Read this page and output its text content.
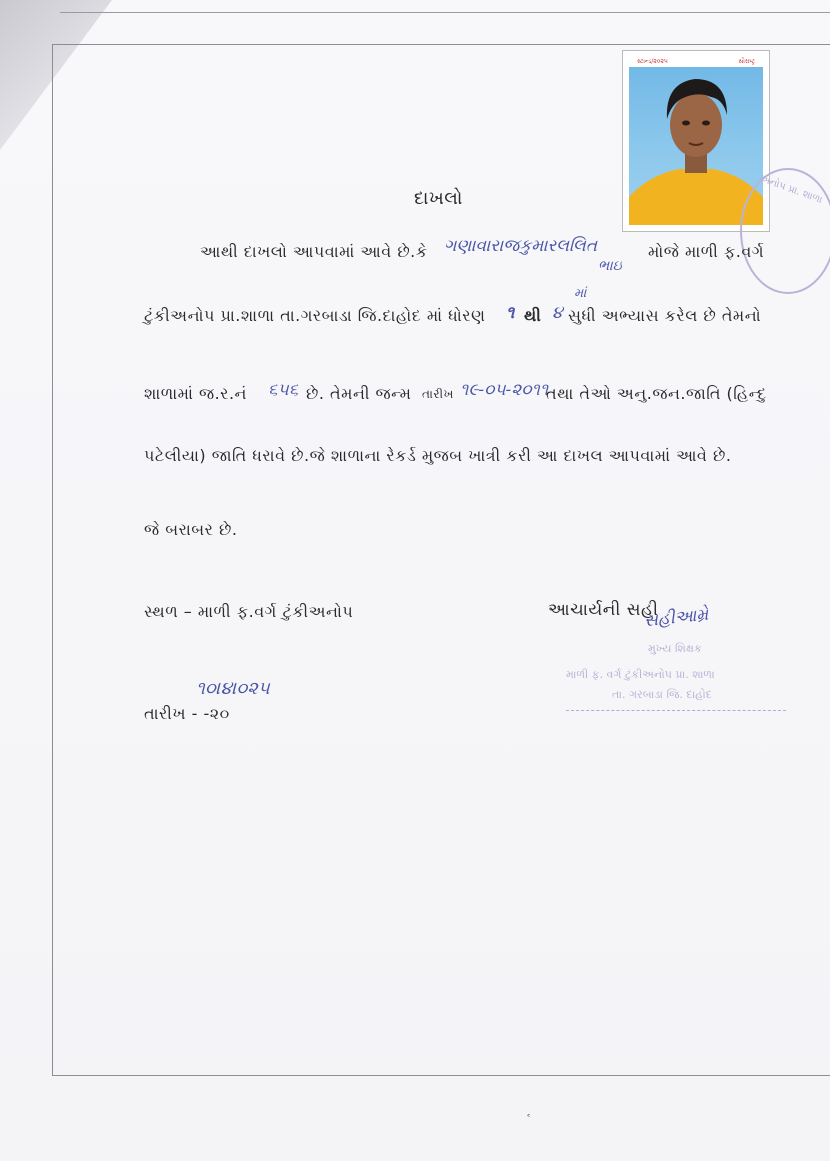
સ્ટાન્ડ/૨૦૨૫	સૌરાષ્ટ્ર
અનોપ પ્રા. શાળા
દાખલો
આથી દાખલો આપવામાં આવે છે.કે ગણાવારાજકુમારલલિત
ભાઇ
મોજે માળી ફ.વર્ગ
ટુંકીઅનોપ પ્રા.શાળા તા.ગરબાડા જિ.દાહોદ માં ધોરણ ૧ થી ૪
માં
સુધી અભ્યાસ કરેલ છે તેમનો
શાળામાં જ.ર.નં ૬૫૬ છે. તેમની જન્મ તારીખ ૧૯-૦૫-૨૦૧૧
તથા તેઓ અનુ.જન.જાતિ (હિન્દુ
પટેલીયા) જાતિ ધરાવે છે.જે શાળાના રેકર્ડ મુજબ ખાત્રી કરી આ દાખલ આપવામાં આવે છે.
જે બરાબર છે.
સ્થળ – માળી ફ.વર્ગ ટુંકીઅનોપ	આચાર્યની સહી
સહીઆમ્રે
મુખ્ય શિક્ષક
માળી ફ. વર્ગ ટુંકીઅનોપ પ્રા. શાળા
તા. ગરબાડા જિ. દાહોદ
૧૦।૪।૦૨૫
તારીખ - -૨૦
˂
